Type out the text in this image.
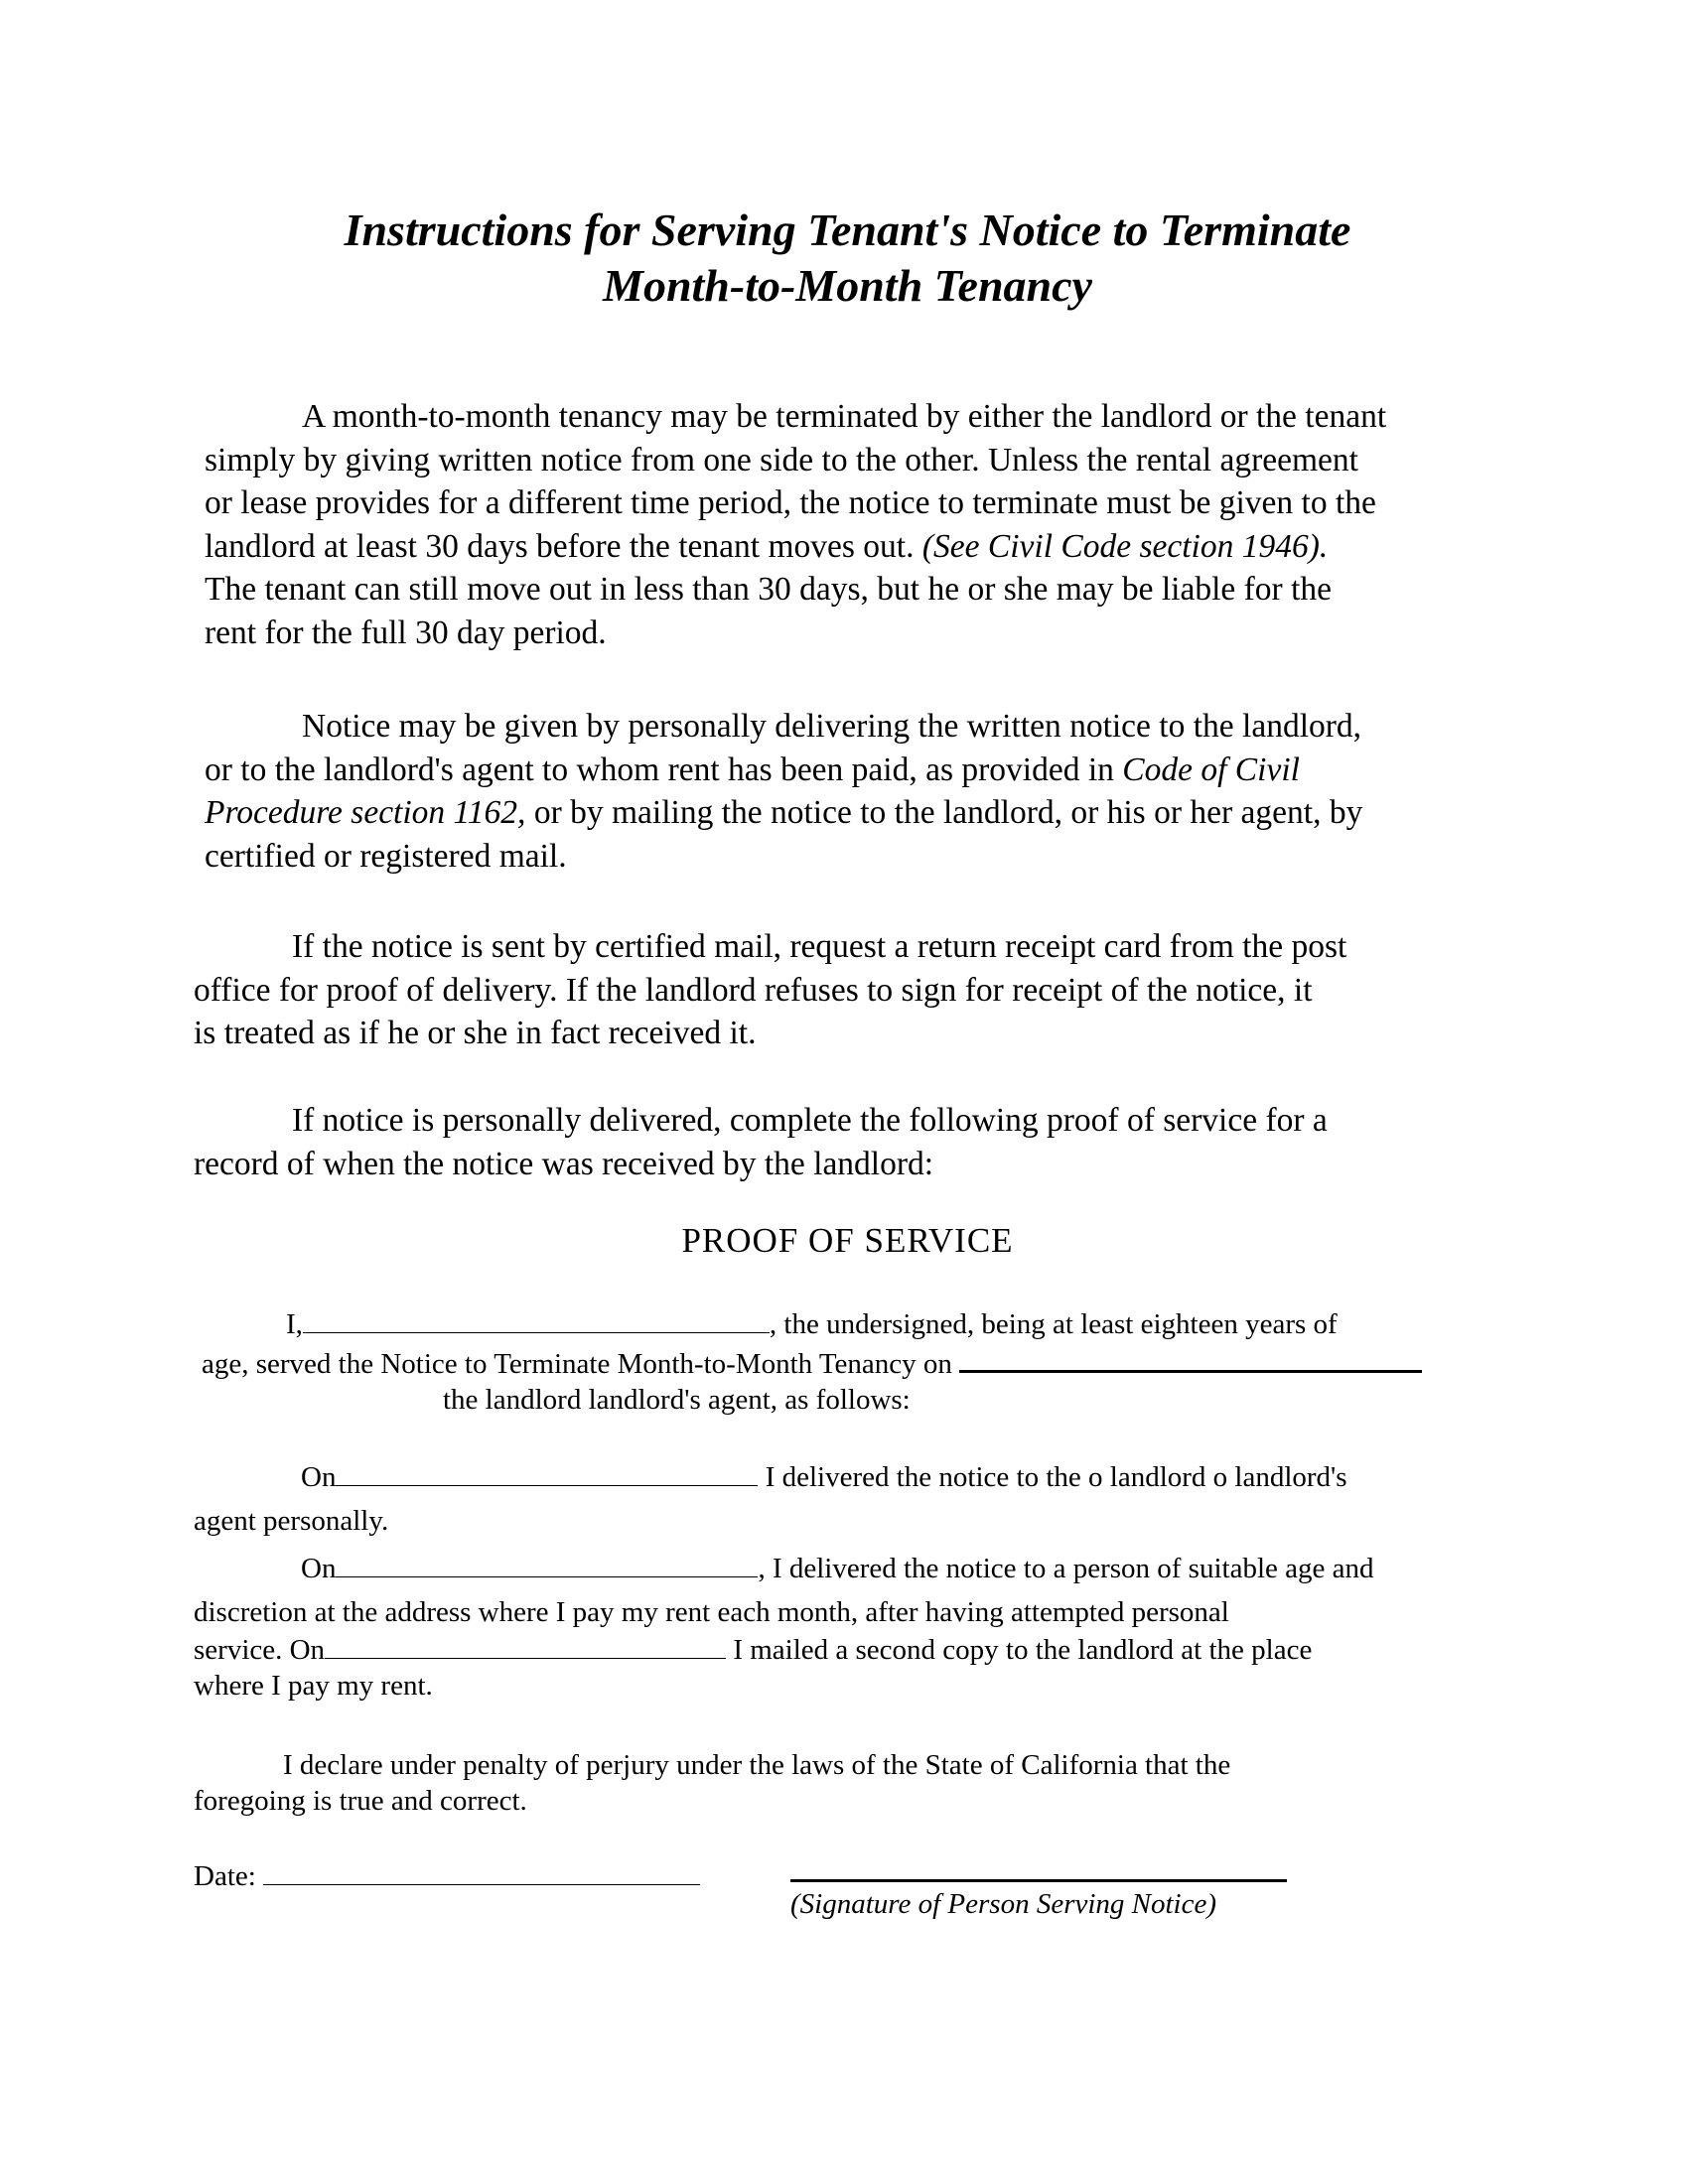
Instructions for Serving Tenant's Notice to Terminate
Month-to-Month Tenancy
A month-to-month tenancy may be terminated by either the landlord or the tenant
simply by giving written notice from one side to the other. Unless the rental agreement
or lease provides for a different time period, the notice to terminate must be given to the
landlord at least 30 days before the tenant moves out. (See Civil Code section 1946).
The tenant can still move out in less than 30 days, but he or she may be liable for the
rent for the full 30 day period.
Notice may be given by personally delivering the written notice to the landlord,
or to the landlord's agent to whom rent has been paid, as provided in Code of Civil
Procedure section 1162, or by mailing the notice to the landlord, or his or her agent, by
certified or registered mail.
If the notice is sent by certified mail, request a return receipt card from the post
office for proof of delivery. If the landlord refuses to sign for receipt of the notice, it
is treated as if he or she in fact received it.
If notice is personally delivered, complete the following proof of service for a
record of when the notice was received by the landlord:
PROOF OF SERVICE
I,	, the undersigned, being at least eighteen years of
age, served the Notice to Terminate Month-to-Month Tenancy on
the landlord landlord's agent, as follows:
On	I delivered the notice to the o landlord o landlord's
agent personally.
On	, I delivered the notice to a person of suitable age and
discretion at the address where I pay my rent each month, after having attempted personal
service. On	I mailed a second copy to the landlord at the place
where I pay my rent.
I declare under penalty of perjury under the laws of the State of California that the
foregoing is true and correct.
Date:
(Signature of Person Serving Notice)
